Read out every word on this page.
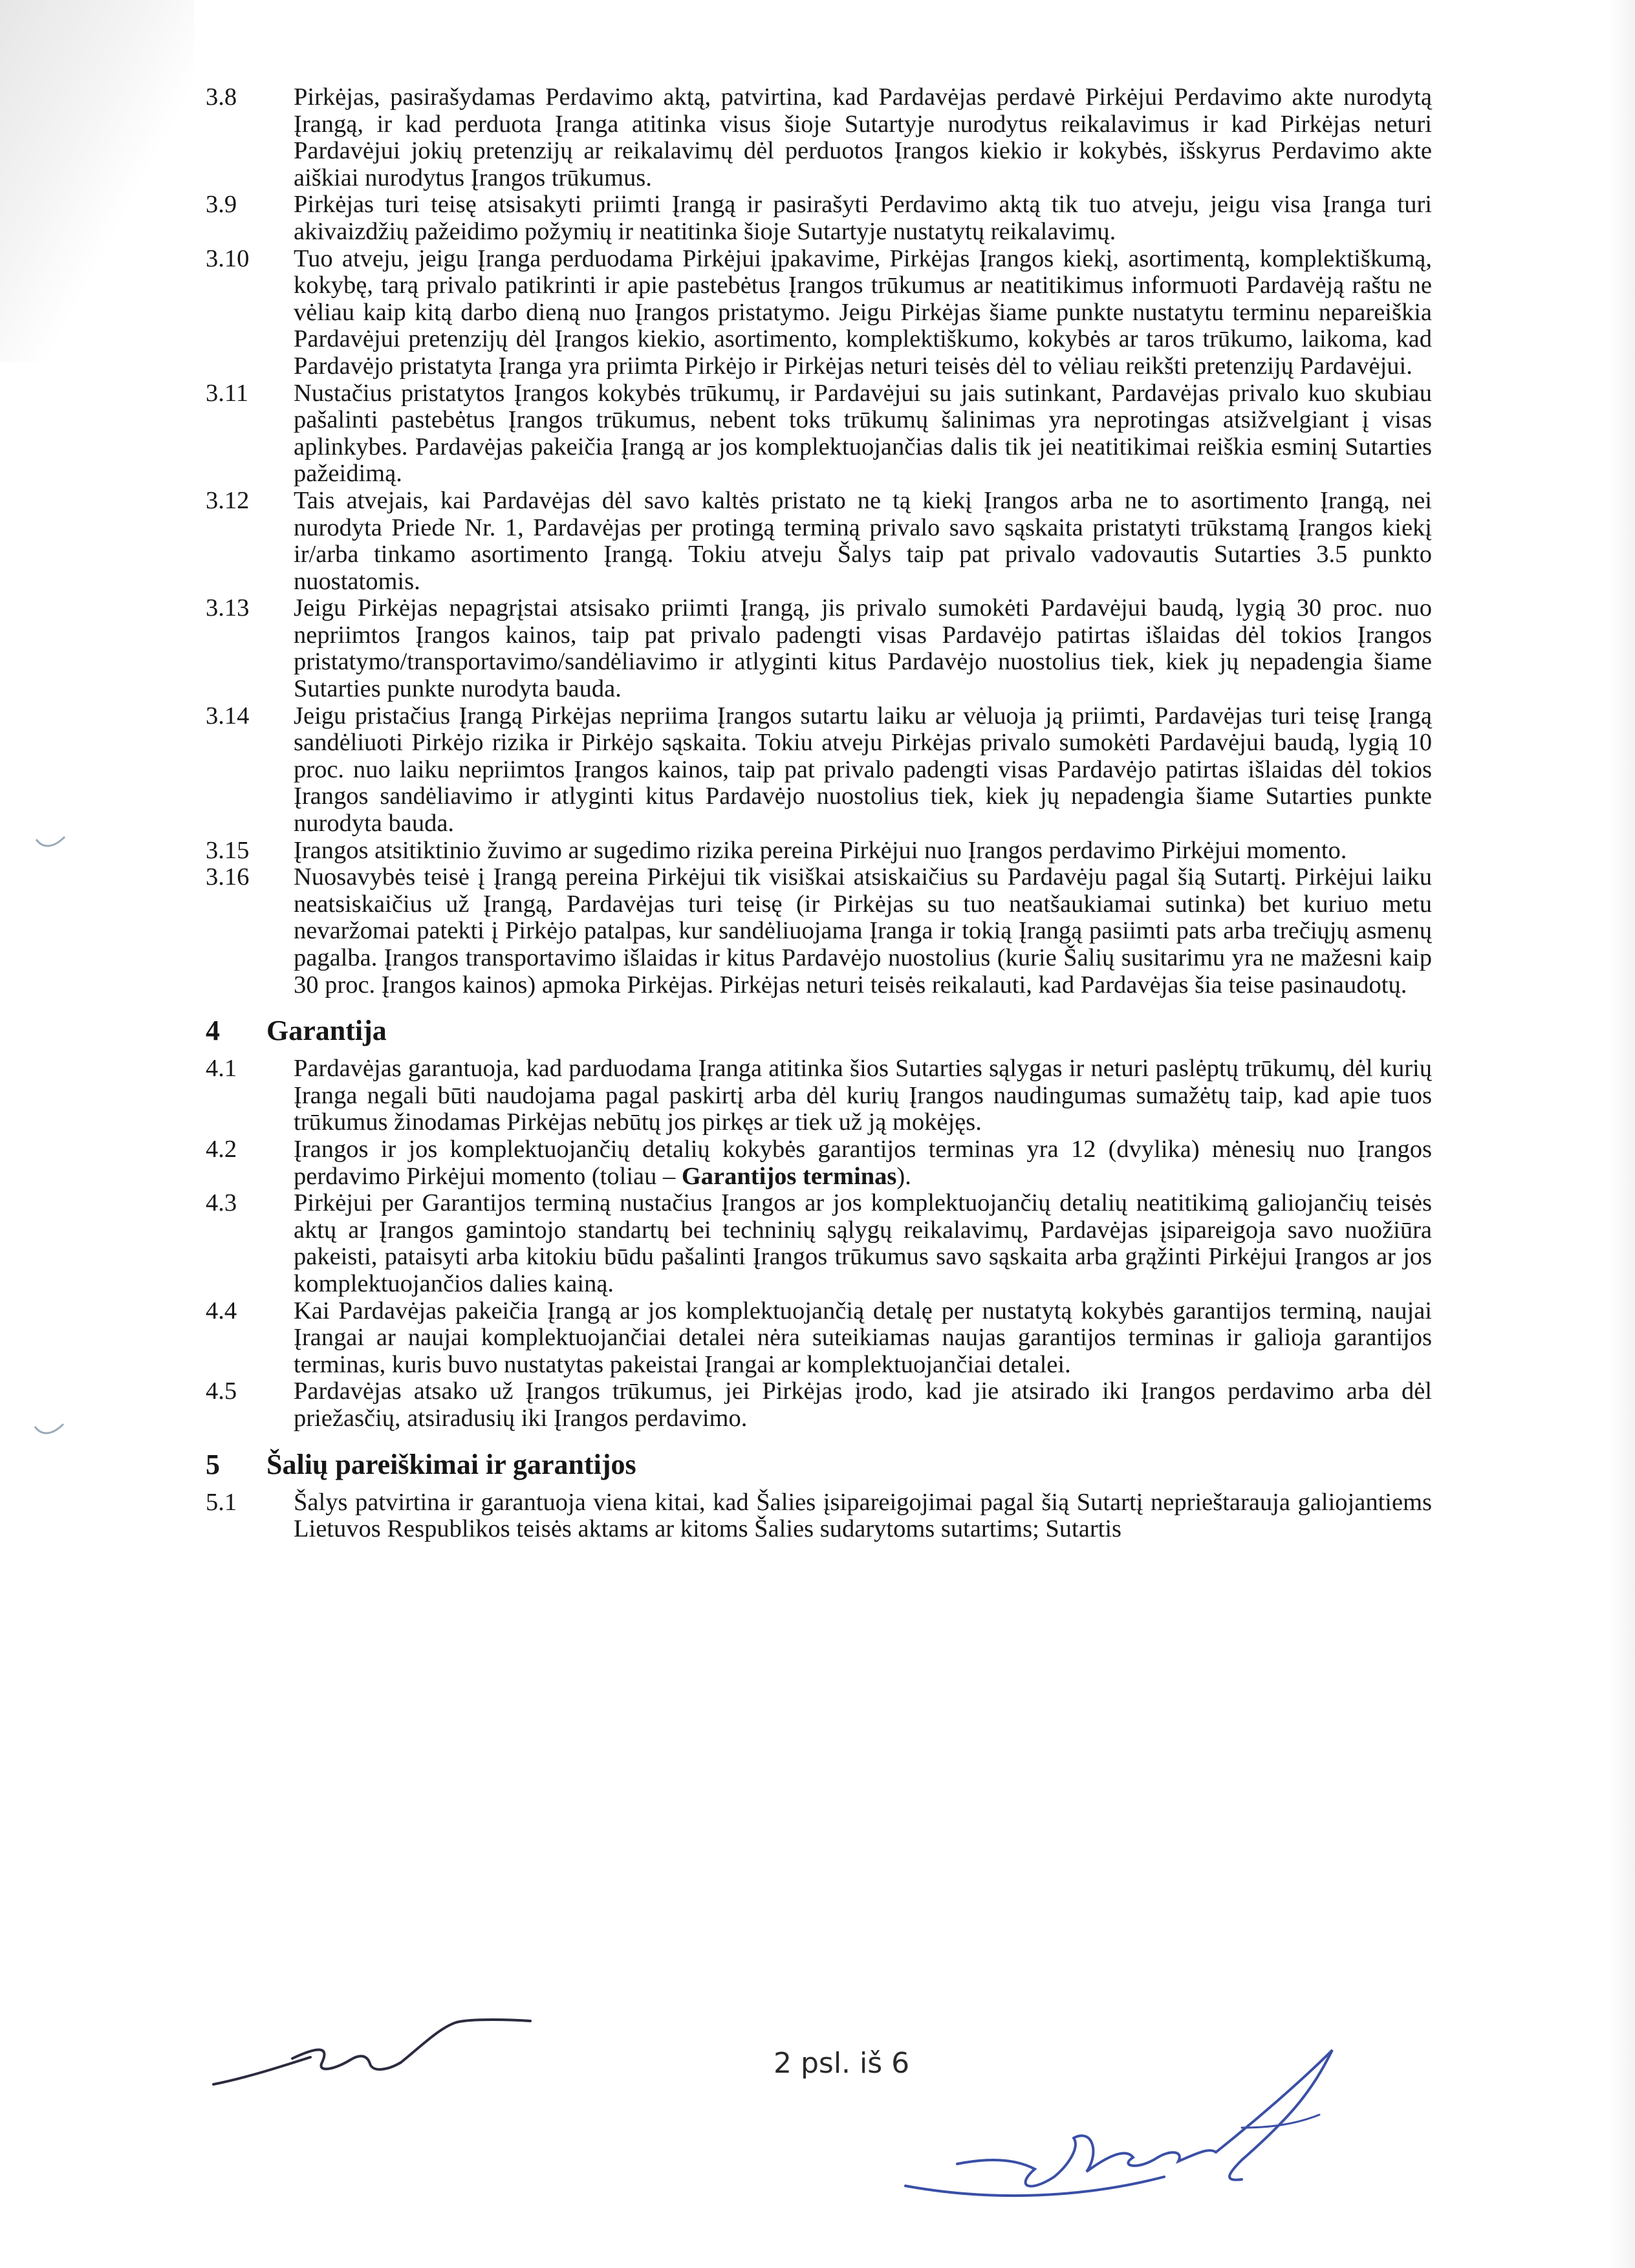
3.8 Pirkėjas, pasirašydamas Perdavimo aktą, patvirtina, kad Pardavėjas perdavė Pirkėjui Perdavimo akte nurodytą Įrangą, ir kad perduota Įranga atitinka visus šioje Sutartyje nurodytus reikalavimus ir kad Pirkėjas neturi Pardavėjui jokių pretenzijų ar reikalavimų dėl perduotos Įrangos kiekio ir kokybės, išskyrus Perdavimo akte aiškiai nurodytus Įrangos trūkumus.
3.9 Pirkėjas turi teisę atsisakyti priimti Įrangą ir pasirašyti Perdavimo aktą tik tuo atveju, jeigu visa Įranga turi akivaizdžių pažeidimo požymių ir neatitinka šioje Sutartyje nustatytų reikalavimų.
3.10 Tuo atveju, jeigu Įranga perduodama Pirkėjui įpakavime, Pirkėjas Įrangos kiekį, asortimentą, komplektiškumą, kokybę, tarą privalo patikrinti ir apie pastebėtus Įrangos trūkumus ar neatitikimus informuoti Pardavėją raštu ne vėliau kaip kitą darbo dieną nuo Įrangos pristatymo. Jeigu Pirkėjas šiame punkte nustatytu terminu nepareiškia Pardavėjui pretenzijų dėl Įrangos kiekio, asortimento, komplektiškumo, kokybės ar taros trūkumo, laikoma, kad Pardavėjo pristatyta Įranga yra priimta Pirkėjo ir Pirkėjas neturi teisės dėl to vėliau reikšti pretenzijų Pardavėjui.
3.11 Nustačius pristatytos Įrangos kokybės trūkumų, ir Pardavėjui su jais sutinkant, Pardavėjas privalo kuo skubiau pašalinti pastebėtus Įrangos trūkumus, nebent toks trūkumų šalinimas yra neprotingas atsižvelgiant į visas aplinkybes. Pardavėjas pakeičia Įrangą ar jos komplektuojančias dalis tik jei neatitikimai reiškia esminį Sutarties pažeidimą.
3.12 Tais atvejais, kai Pardavėjas dėl savo kaltės pristato ne tą kiekį Įrangos arba ne to asortimento Įrangą, nei nurodyta Priede Nr. 1, Pardavėjas per protingą terminą privalo savo sąskaita pristatyti trūkstamą Įrangos kiekį ir/arba tinkamo asortimento Įrangą. Tokiu atveju Šalys taip pat privalo vadovautis Sutarties 3.5 punkto nuostatomis.
3.13 Jeigu Pirkėjas nepagrįstai atsisako priimti Įrangą, jis privalo sumokėti Pardavėjui baudą, lygią 30 proc. nuo nepriimtos Įrangos kainos, taip pat privalo padengti visas Pardavėjo patirtas išlaidas dėl tokios Įrangos pristatymo/transportavimo/sandėliavimo ir atlyginti kitus Pardavėjo nuostolius tiek, kiek jų nepadengia šiame Sutarties punkte nurodyta bauda.
3.14 Jeigu pristačius Įrangą Pirkėjas nepriima Įrangos sutartu laiku ar vėluoja ją priimti, Pardavėjas turi teisę Įrangą sandėliuoti Pirkėjo rizika ir Pirkėjo sąskaita. Tokiu atveju Pirkėjas privalo sumokėti Pardavėjui baudą, lygią 10 proc. nuo laiku nepriimtos Įrangos kainos, taip pat privalo padengti visas Pardavėjo patirtas išlaidas dėl tokios Įrangos sandėliavimo ir atlyginti kitus Pardavėjo nuostolius tiek, kiek jų nepadengia šiame Sutarties punkte nurodyta bauda.
3.15 Įrangos atsitiktinio žuvimo ar sugedimo rizika pereina Pirkėjui nuo Įrangos perdavimo Pirkėjui momento.
3.16 Nuosavybės teisė į Įrangą pereina Pirkėjui tik visiškai atsiskaičius su Pardavėju pagal šią Sutartį. Pirkėjui laiku neatsiskaičius už Įrangą, Pardavėjas turi teisę (ir Pirkėjas su tuo neatšaukiamai sutinka) bet kuriuo metu nevaržomai patekti į Pirkėjo patalpas, kur sandėliuojama Įranga ir tokią Įrangą pasiimti pats arba trečiųjų asmenų pagalba. Įrangos transportavimo išlaidas ir kitus Pardavėjo nuostolius (kurie Šalių susitarimu yra ne mažesni kaip 30 proc. Įrangos kainos) apmoka Pirkėjas. Pirkėjas neturi teisės reikalauti, kad Pardavėjas šia teise pasinaudotų.
4 Garantija
4.1 Pardavėjas garantuoja, kad parduodama Įranga atitinka šios Sutarties sąlygas ir neturi paslėptų trūkumų, dėl kurių Įranga negali būti naudojama pagal paskirtį arba dėl kurių Įrangos naudingumas sumažėtų taip, kad apie tuos trūkumus žinodamas Pirkėjas nebūtų jos pirkęs ar tiek už ją mokėjęs.
4.2 Įrangos ir jos komplektuojančių detalių kokybės garantijos terminas yra 12 (dvylika) mėnesių nuo Įrangos perdavimo Pirkėjui momento (toliau – Garantijos terminas).
4.3 Pirkėjui per Garantijos terminą nustačius Įrangos ar jos komplektuojančių detalių neatitikimą galiojančių teisės aktų ar Įrangos gamintojo standartų bei techninių sąlygų reikalavimų, Pardavėjas įsipareigoja savo nuožiūra pakeisti, pataisyti arba kitokiu būdu pašalinti Įrangos trūkumus savo sąskaita arba grąžinti Pirkėjui Įrangos ar jos komplektuojančios dalies kainą.
4.4 Kai Pardavėjas pakeičia Įrangą ar jos komplektuojančią detalę per nustatytą kokybės garantijos terminą, naujai Įrangai ar naujai komplektuojančiai detalei nėra suteikiamas naujas garantijos terminas ir galioja garantijos terminas, kuris buvo nustatytas pakeistai Įrangai ar komplektuojančiai detalei.
4.5 Pardavėjas atsako už Įrangos trūkumus, jei Pirkėjas įrodo, kad jie atsirado iki Įrangos perdavimo arba dėl priežasčių, atsiradusių iki Įrangos perdavimo.
5 Šalių pareiškimai ir garantijos
5.1 Šalys patvirtina ir garantuoja viena kitai, kad Šalies įsipareigojimai pagal šią Sutartį neprieštarauja galiojantiems Lietuvos Respublikos teisės aktams ar kitoms Šalies sudarytoms sutartims; Sutartis
2 psl. iš 6
